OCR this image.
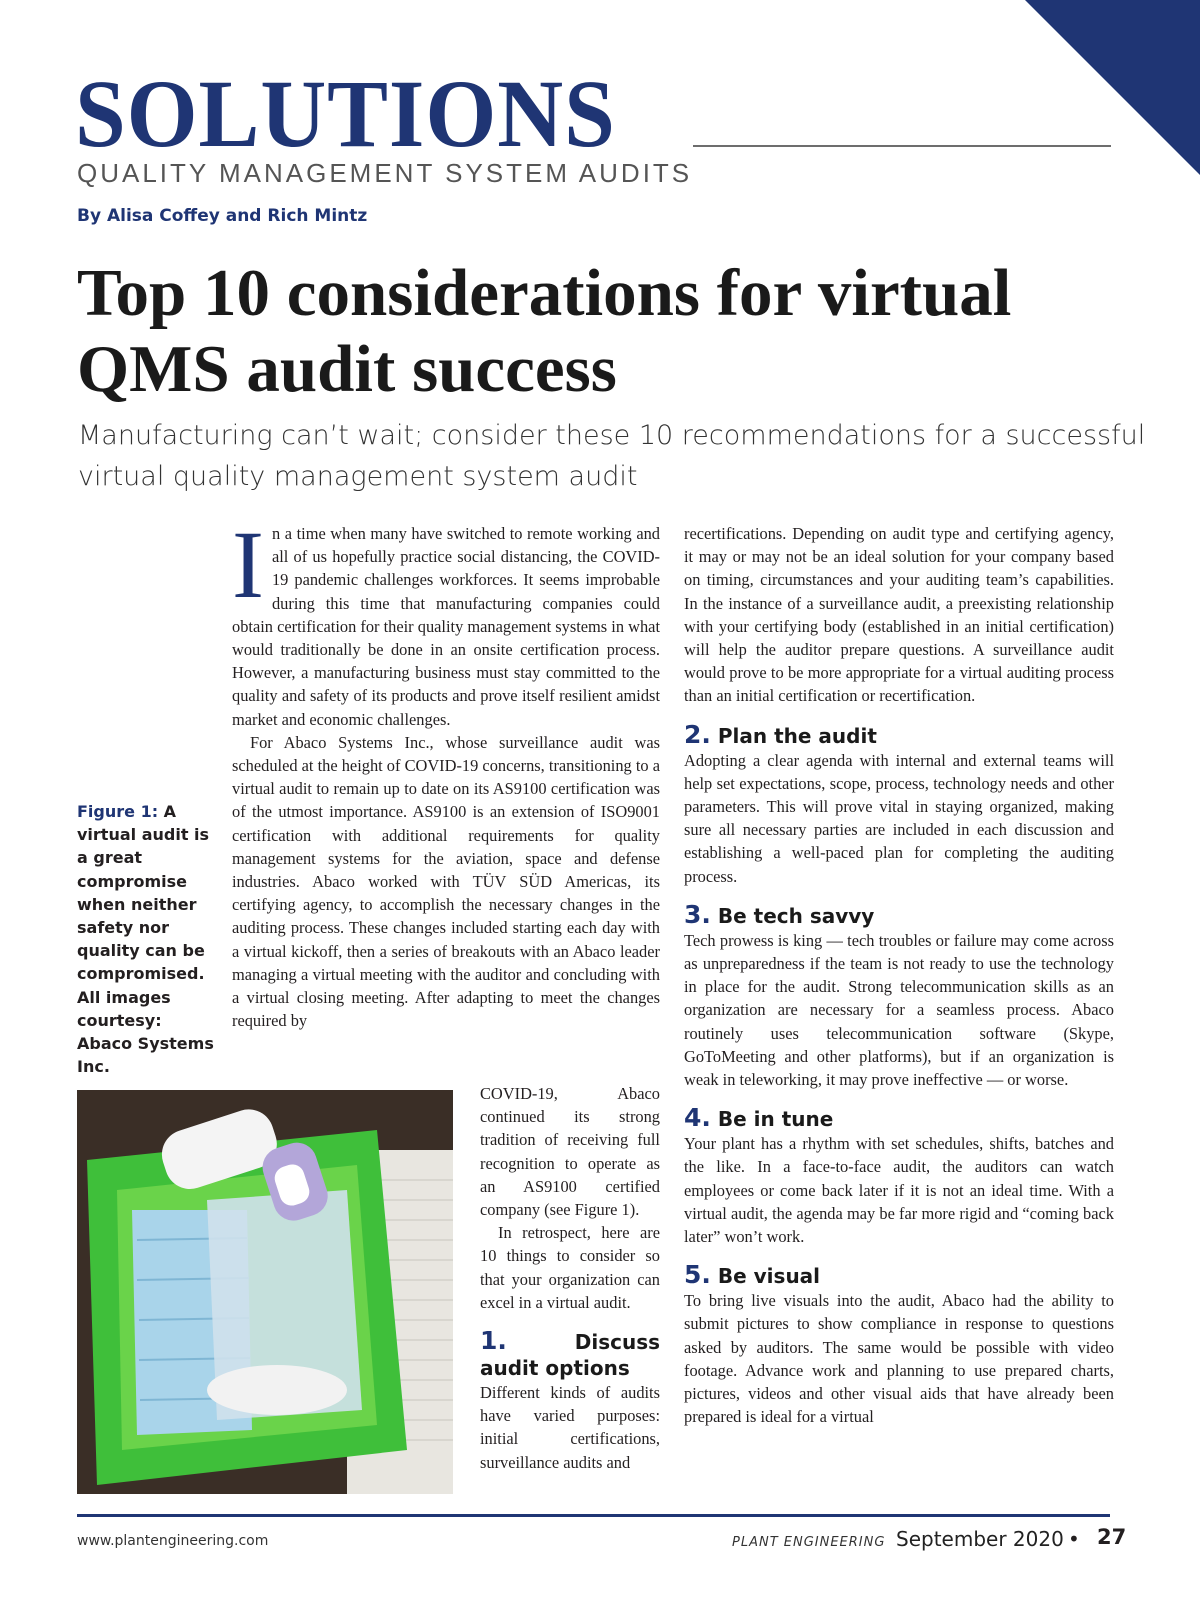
SOLUTIONS
QUALITY MANAGEMENT SYSTEM AUDITS
By Alisa Coffey and Rich Mintz
Top 10 considerations for virtual QMS audit success
Manufacturing can’t wait; consider these 10 recommendations for a successful virtual quality management system audit

In a time when many have switched to remote working and all of us hopefully practice social distancing, the COVID-19 pandemic challenges workforces. It seems improbable during this time that manufacturing companies could obtain certification for their quality management systems in what would traditionally be done in an onsite certification process. However, a manufacturing business must stay committed to the quality and safety of its products and prove itself resilient amidst market and economic challenges.

For Abaco Systems Inc., whose surveillance audit was scheduled at the height of COVID-19 concerns, transitioning to a virtual audit to remain up to date on its AS9100 certification was of the utmost importance. AS9100 is an extension of ISO9001 certification with additional requirements for quality management systems for the aviation, space and defense industries. Abaco worked with TÜV SÜD Americas, its certifying agency, to accomplish the necessary changes in the auditing process. These changes included starting each day with a virtual kickoff, then a series of breakouts with an Abaco leader managing a virtual meeting with the auditor and concluding with a virtual closing meeting. After adapting to meet the changes required by

Figure 1: A virtual audit is a great compromise when neither safety nor quality can be compromised. All images courtesy: Abaco Systems Inc.

COVID-19, Abaco continued its strong tradition of receiving full recognition to operate as an AS9100 certified company (see Figure 1).

In retrospect, here are 10 things to consider so that your organization can excel in a virtual audit.

1.	Discuss audit options

Different kinds of audits have varied purposes: initial certifications, surveillance audits and

recertifications. Depending on audit type and certifying agency, it may or may not be an ideal solution for your company based on timing, circumstances and your auditing team’s capabilities. In the instance of a surveillance audit, a preexisting relationship with your certifying body (established in an initial certification) will help the auditor prepare questions. A surveillance audit would prove to be more appropriate for a virtual auditing process than an initial certification or recertification.

2. Plan the audit

Adopting a clear agenda with internal and external teams will help set expectations, scope, process, technology needs and other parameters. This will prove vital in staying organized, making sure all necessary parties are included in each discussion and establishing a well-paced plan for completing the auditing process.

3. Be tech savvy

Tech prowess is king — tech troubles or failure may come across as unpreparedness if the team is not ready to use the technology in place for the audit. Strong telecommunication skills as an organization are necessary for a seamless process. Abaco routinely uses telecommunication software (Skype, GoToMeeting and other platforms), but if an organization is weak in teleworking, it may prove ineffective — or worse.

4. Be in tune

Your plant has a rhythm with set schedules, shifts, batches and the like. In a face-to-face audit, the auditors can watch employees or come back later if it is not an ideal time. With a virtual audit, the agenda may be far more rigid and “coming back later” won’t work.

5. Be visual

To bring live visuals into the audit, Abaco had the ability to submit pictures to show compliance in response to questions asked by auditors. The same would be possible with video footage. Advance work and planning to use prepared charts, pictures, videos and other visual aids that have already been prepared is ideal for a virtual

www.plantengineering.com	PLANT ENGINEERING September 2020 • 27
